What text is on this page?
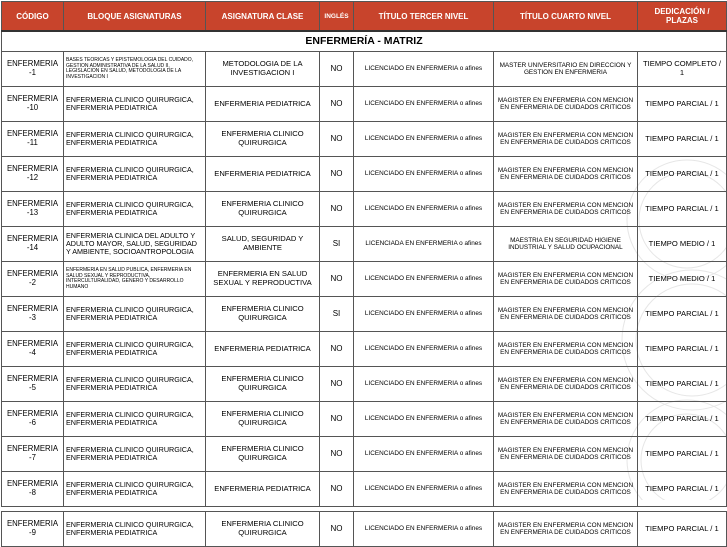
CÓDIGO	BLOQUE ASIGNATURAS	ASIGNATURA CLASE	INGLÉS	TÍTULO TERCER NIVEL	TÍTULO CUARTO NIVEL	DEDICACIÓN / PLAZAS
ENFERMERÍA - MATRIZ						
ENFERMERIA -1	BASES TEORICAS Y EPISTEMOLOGIA DEL CUIDADO, GESTION ADMINISTRATIVA DE LA SALUD II, LEGISLACION EN SALUD, METODOLOGIA DE LA INVESTIGACION I	METODOLOGIA DE LA INVESTIGACION I	NO	LICENCIADO EN ENFERMERIA o afines	MASTER UNIVERSITARIO EN DIRECCION Y GESTION EN ENFERMERIA	TIEMPO COMPLETO / 1
ENFERMERIA -10	ENFERMERIA CLINICO QUIRURGICA, ENFERMERIA PEDIATRICA	ENFERMERIA PEDIATRICA	NO	LICENCIADO EN ENFERMERIA o afines	MAGISTER EN ENFERMERIA CON MENCION EN ENFERMERIA DE CUIDADOS CRITICOS	TIEMPO PARCIAL / 1
ENFERMERIA -11	ENFERMERIA CLINICO QUIRURGICA, ENFERMERIA PEDIATRICA	ENFERMERIA CLINICO QUIRURGICA	NO	LICENCIADO EN ENFERMERIA o afines	MAGISTER EN ENFERMERIA CON MENCION EN ENFERMERIA DE CUIDADOS CRITICOS	TIEMPO PARCIAL / 1
ENFERMERIA -12	ENFERMERIA CLINICO QUIRURGICA, ENFERMERIA PEDIATRICA	ENFERMERIA PEDIATRICA	NO	LICENCIADO EN ENFERMERIA o afines	MAGISTER EN ENFERMERIA CON MENCION EN ENFERMERIA DE CUIDADOS CRITICOS	TIEMPO PARCIAL / 1
ENFERMERIA -13	ENFERMERIA CLINICO QUIRURGICA, ENFERMERIA PEDIATRICA	ENFERMERIA CLINICO QUIRURGICA	NO	LICENCIADO EN ENFERMERIA o afines	MAGISTER EN ENFERMERIA CON MENCION EN ENFERMERIA DE CUIDADOS CRITICOS	TIEMPO PARCIAL / 1
ENFERMERIA -14	ENFERMERIA CLINICA DEL ADULTO Y ADULTO MAYOR, SALUD, SEGURIDAD Y AMBIENTE, SOCIOANTROPOLOGIA	SALUD, SEGURIDAD Y AMBIENTE	SI	LICENCIADA EN ENFERMERIA o afines	MAESTRIA EN SEGURIDAD HIGIENE INDUSTRIAL Y SALUD OCUPACIONAL	TIEMPO MEDIO / 1
ENFERMERIA -2	ENFERMERIA EN SALUD PUBLICA, ENFERMERIA EN SALUD SEXUAL Y REPRODUCTIVA, INTERCULTURALIDAD, GENERO Y DESARROLLO HUMANO	ENFERMERIA EN SALUD SEXUAL Y REPRODUCTIVA	NO	LICENCIADO EN ENFERMERIA o afines	MAGISTER EN ENFERMERIA CON MENCION EN ENFERMERIA DE CUIDADOS CRITICOS	TIEMPO MEDIO / 1
ENFERMERIA -3	ENFERMERIA CLINICO QUIRURGICA, ENFERMERIA PEDIATRICA	ENFERMERIA CLINICO QUIRURGICA	SI	LICENCIADO EN ENFERMERIA o afines	MAGISTER EN ENFERMERIA CON MENCION EN ENFERMERIA DE CUIDADOS CRITICOS	TIEMPO PARCIAL / 1
ENFERMERIA -4	ENFERMERIA CLINICO QUIRURGICA, ENFERMERIA PEDIATRICA	ENFERMERIA PEDIATRICA	NO	LICENCIADO EN ENFERMERIA o afines	MAGISTER EN ENFERMERIA CON MENCION EN ENFERMERIA DE CUIDADOS CRITICOS	TIEMPO PARCIAL / 1
ENFERMERIA -5	ENFERMERIA CLINICO QUIRURGICA, ENFERMERIA PEDIATRICA	ENFERMERIA CLINICO QUIRURGICA	NO	LICENCIADO EN ENFERMERIA o afines	MAGISTER EN ENFERMERIA CON MENCION EN ENFERMERIA DE CUIDADOS CRITICOS	TIEMPO PARCIAL / 1
ENFERMERIA -6	ENFERMERIA CLINICO QUIRURGICA, ENFERMERIA PEDIATRICA	ENFERMERIA CLINICO QUIRURGICA	NO	LICENCIADO EN ENFERMERIA o afines	MAGISTER EN ENFERMERIA CON MENCION EN ENFERMERIA DE CUIDADOS CRITICOS	TIEMPO PARCIAL / 1
ENFERMERIA -7	ENFERMERIA CLINICO QUIRURGICA, ENFERMERIA PEDIATRICA	ENFERMERIA CLINICO QUIRURGICA	NO	LICENCIADO EN ENFERMERIA o afines	MAGISTER EN ENFERMERIA CON MENCION EN ENFERMERIA DE CUIDADOS CRITICOS	TIEMPO PARCIAL / 1
ENFERMERIA -8	ENFERMERIA CLINICO QUIRURGICA, ENFERMERIA PEDIATRICA	ENFERMERIA PEDIATRICA	NO	LICENCIADO EN ENFERMERIA o afines	MAGISTER EN ENFERMERIA CON MENCION EN ENFERMERIA DE CUIDADOS CRITICOS	TIEMPO PARCIAL / 1

ENFERMERIA -9	ENFERMERIA CLINICO QUIRURGICA, ENFERMERIA PEDIATRICA	ENFERMERIA CLINICO QUIRURGICA	NO	LICENCIADO EN ENFERMERIA o afines	MAGISTER EN ENFERMERIA CON MENCION EN ENFERMERIA DE CUIDADOS CRITICOS	TIEMPO PARCIAL / 1
